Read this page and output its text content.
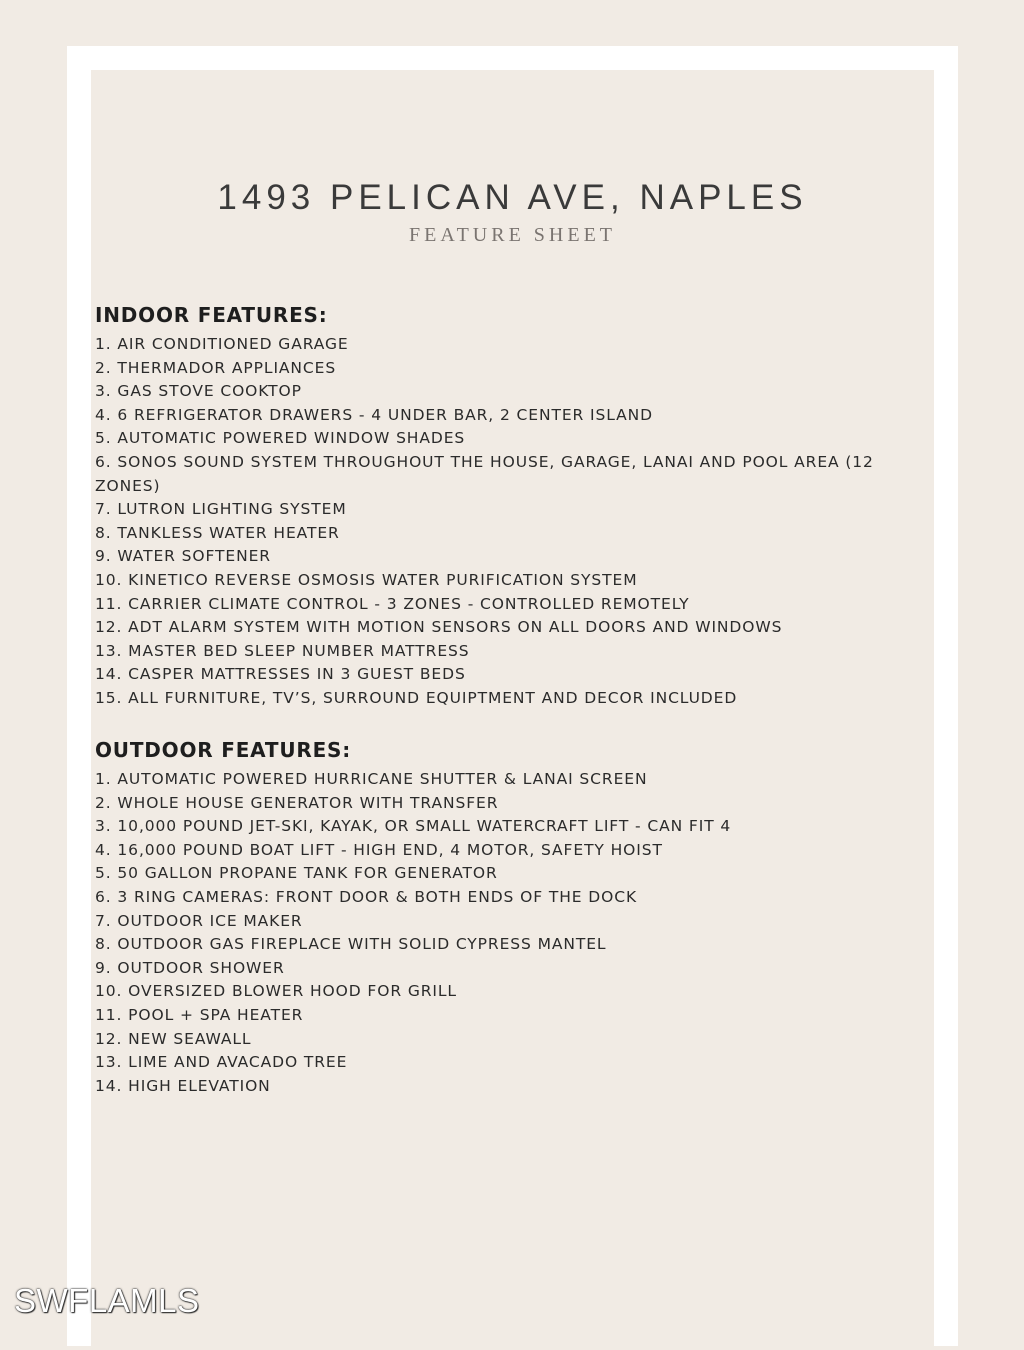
1493 PELICAN AVE, NAPLES
FEATURE SHEET
INDOOR FEATURES:
1. AIR CONDITIONED GARAGE
2. THERMADOR APPLIANCES
3. GAS STOVE COOKTOP
4. 6 REFRIGERATOR DRAWERS - 4 UNDER BAR, 2 CENTER ISLAND
5. AUTOMATIC POWERED WINDOW SHADES
6. SONOS SOUND SYSTEM THROUGHOUT THE HOUSE, GARAGE, LANAI AND POOL AREA (12 ZONES)
7. LUTRON LIGHTING SYSTEM
8. TANKLESS WATER HEATER
9. WATER SOFTENER
10. KINETICO REVERSE OSMOSIS WATER PURIFICATION SYSTEM
11. CARRIER CLIMATE CONTROL - 3 ZONES - CONTROLLED REMOTELY
12. ADT ALARM SYSTEM WITH MOTION SENSORS ON ALL DOORS AND WINDOWS
13. MASTER BED SLEEP NUMBER MATTRESS
14. CASPER MATTRESSES IN 3 GUEST BEDS
15. ALL FURNITURE, TV’S, SURROUND EQUIPTMENT AND DECOR INCLUDED
OUTDOOR FEATURES:
1. AUTOMATIC POWERED HURRICANE SHUTTER & LANAI SCREEN
2. WHOLE HOUSE GENERATOR WITH TRANSFER
3. 10,000 POUND JET-SKI, KAYAK, OR SMALL WATERCRAFT LIFT - CAN FIT 4
4. 16,000 POUND BOAT LIFT - HIGH END, 4 MOTOR, SAFETY HOIST
5. 50 GALLON PROPANE TANK FOR GENERATOR
6. 3 RING CAMERAS: FRONT DOOR & BOTH ENDS OF THE DOCK
7. OUTDOOR ICE MAKER
8. OUTDOOR GAS FIREPLACE WITH SOLID CYPRESS MANTEL
9. OUTDOOR SHOWER
10. OVERSIZED BLOWER HOOD FOR GRILL
11. POOL + SPA HEATER
12. NEW SEAWALL
13. LIME AND AVACADO TREE
14. HIGH ELEVATION
SWFLAMLS
